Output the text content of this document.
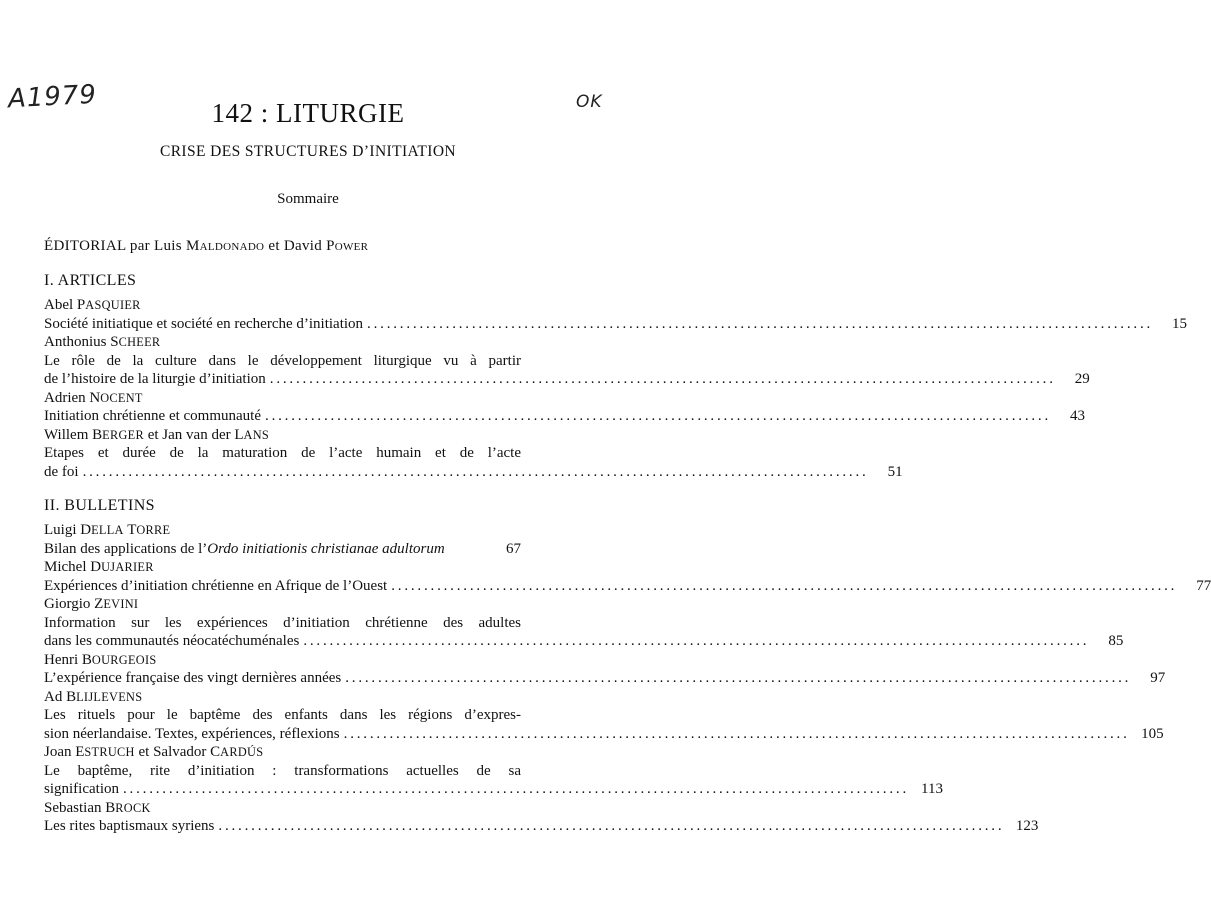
A1979	OK
142 : LITURGIE
CRISE DES STRUCTURES D’INITIATION
Sommaire
ÉDITORIAL par Luis Maldonado et David Power
I. ARTICLES
Abel PASQUIER
Société initiatique et société en recherche d’initiation ........................................................................................................................	15
Anthonius SCHEER
Le rôle de la culture dans le développement liturgique vu à partir
de l’histoire de la liturgie d’initiation ........................................................................................................................	29
Adrien NOCENT
Initiation chrétienne et communauté ........................................................................................................................	43
Willem BERGER et Jan van der LANS
Etapes et durée de la maturation de l’acte humain et de l’acte
de foi ........................................................................................................................	51
II. BULLETINS
Luigi DELLA TORRE
Bilan des applications de l’Ordo initiationis christianae adultorum	67
Michel DUJARIER
Expériences d’initiation chrétienne en Afrique de l’Ouest ........................................................................................................................	77
Giorgio ZEVINI
Information sur les expériences d’initiation chrétienne des adultes
dans les communautés néocatéchuménales ........................................................................................................................	85
Henri BOURGEOIS
L’expérience française des vingt dernières années ........................................................................................................................	97
Ad BLIJLEVENS
Les rituels pour le baptême des enfants dans les régions d’expres-
sion néerlandaise. Textes, expériences, réflexions ........................................................................................................................ 105
Joan ESTRUCH et Salvador CARDÚS
Le baptême, rite d’initiation : transformations actuelles de sa
signification ........................................................................................................................ 113
Sebastian BROCK
Les rites baptismaux syriens ........................................................................................................................ 123
